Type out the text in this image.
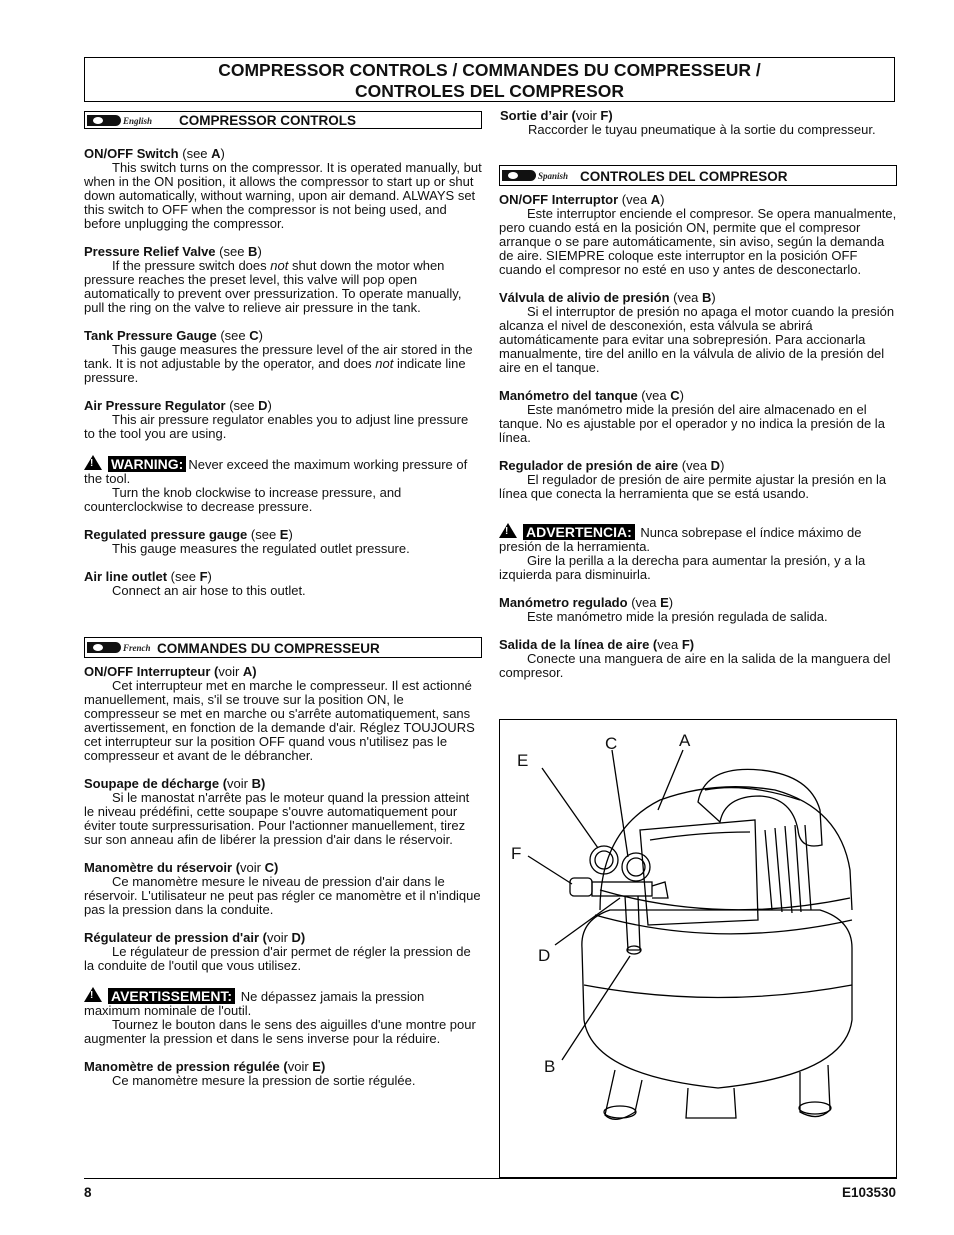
COMPRESSOR CONTROLS / COMMANDES DU COMPRESSEUR /
CONTROLES DEL COMPRESOR
English COMPRESSOR CONTROLS
ON/OFF Switch (see A)
This switch turns on the compressor. It is operated manually, but when in the ON position, it allows the compressor to start up or shut down automatically, without warning, upon air demand. ALWAYS set this switch to OFF when the compressor is not being used, and before unplugging the compressor.
Pressure Relief Valve (see B)
If the pressure switch does not shut down the motor when pressure reaches the preset level, this valve will pop open automatically to prevent over pressurization. To operate manually, pull the ring on the valve to relieve air pressure in the tank.
Tank Pressure Gauge (see C)
This gauge measures the pressure level of the air stored in the tank. It is not adjustable by the operator, and does not indicate line pressure.
Air Pressure Regulator (see D)
This air pressure regulator enables you to adjust line pressure to the tool you are using.
!WARNING: Never exceed the maximum working pressure of the tool.
Turn the knob clockwise to increase pressure, and counterclockwise to decrease pressure.
Regulated pressure gauge (see E)
This gauge measures the regulated outlet pressure.
Air line outlet (see F)
Connect an air hose to this outlet.
French COMMANDES DU COMPRESSEUR
ON/OFF Interrupteur (voir A)
Cet interrupteur met en marche le compresseur. Il est actionné manuellement, mais, s'il se trouve sur la position ON, le compresseur se met en marche ou s'arrête automatiquement, sans avertissement, en fonction de la demande d'air. Réglez TOUJOURS cet interrupteur sur la position OFF quand vous n'utilisez pas le compresseur et avant de le débrancher.
Soupape de décharge (voir B)
Si le manostat n'arrête pas le moteur quand la pression atteint le niveau prédéfini, cette soupape s'ouvre automatiquement pour éviter toute surpressurisation. Pour l'actionner manuellement, tirez sur son anneau afin de libérer la pression d'air dans le réservoir.
Manomètre du réservoir (voir C)
Ce manomètre mesure le niveau de pression d'air dans le réservoir. L'utilisateur ne peut pas régler ce manomètre et il n'indique pas la pression dans la conduite.
Régulateur de pression d'air (voir D)
Le régulateur de pression d'air permet de régler la pression de la conduite de l'outil que vous utilisez.
!AVERTISSEMENT: Ne dépassez jamais la pression maximum nominale de l'outil.
Tournez le bouton dans le sens des aiguilles d'une montre pour augmenter la pression et dans le sens inverse pour la réduire.
Manomètre de pression régulée (voir E)
Ce manomètre mesure la pression de sortie régulée.
Sortie d’air (voir F)
Raccorder le tuyau pneumatique à la sortie du compresseur.
Spanish CONTROLES DEL COMPRESOR
ON/OFF Interruptor (vea A)
Este interruptor enciende el compresor. Se opera manualmente, pero cuando está en la posición ON, permite que el compresor arranque o se pare automáticamente, sin aviso, según la demanda de aire. SIEMPRE coloque este interruptor en la posición OFF cuando el compresor no esté en uso y antes de desconectarlo.
Válvula de alivio de presión (vea B)
Si el interruptor de presión no apaga el motor cuando la presión alcanza el nivel de desconexión, esta válvula se abrirá automáticamente para evitar una sobrepresión. Para accionarla manualmente, tire del anillo en la válvula de alivio de la presión del aire en el tanque.
Manómetro del tanque (vea C)
Este manómetro mide la presión del aire almacenado en el tanque. No es ajustable por el operador y no indica la presión de la línea.
Regulador de presión de aire (vea D)
El regulador de presión de aire permite ajustar la presión en la línea que conecta la herramienta que se está usando.
!ADVERTENCIA: Nunca sobrepase el índice máximo de presión de la herramienta.
Gire la perilla a la derecha para aumentar la presión, y a la izquierda para disminuirla.
Manómetro regulado (vea E)
Este manómetro mide la presión regulada de salida.
Salida de la línea de aire (vea F)
Conecte una manguera de aire en la salida de la manguera del compresor.
C	A
E
F
D
B
8	E103530
